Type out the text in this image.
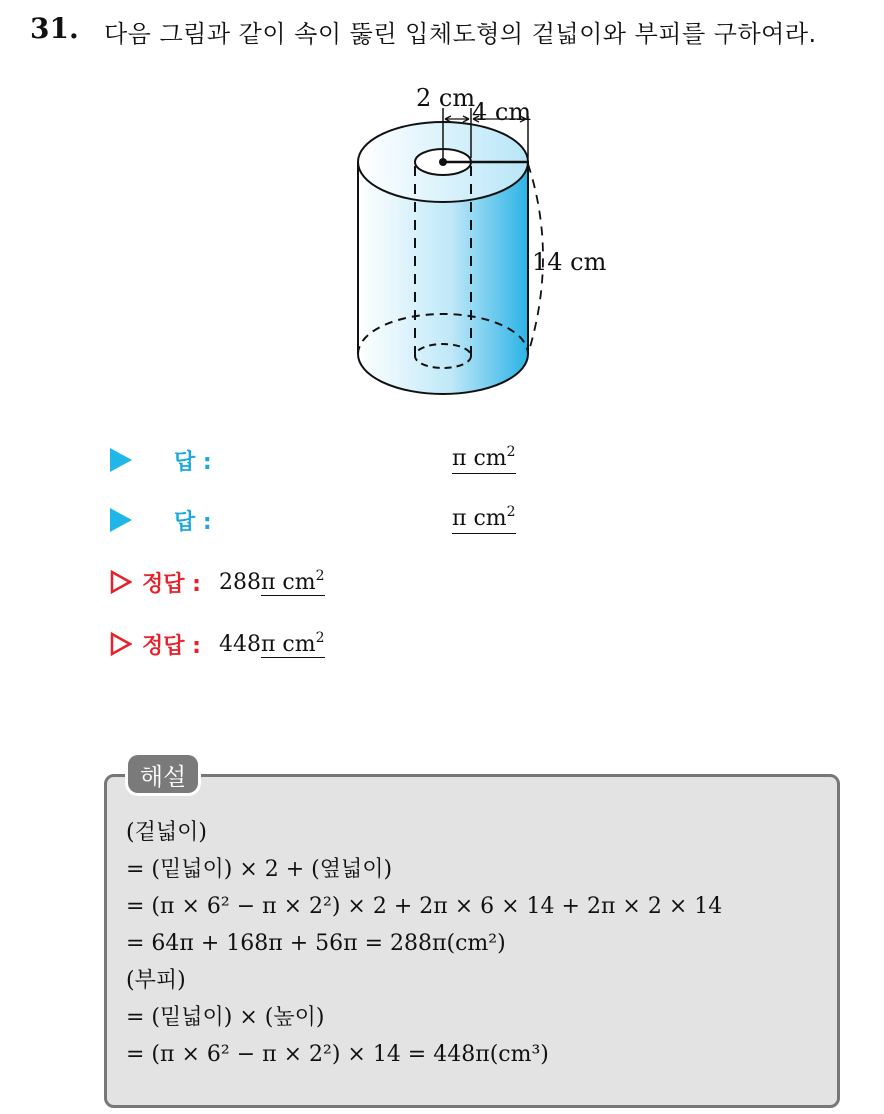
31. 다음 그림과 같이 속이 뚫린 입체도형의 겉넓이와 부피를 구하여라.
2 cm
4 cm
14 cm
답 :	π $cm^2$
답 :	π $cm^2$
정답 : 288π $cm^2$
정답 : 448π $cm^2$
해설
(겉넓이)
= (밑넓이) × 2 + (옆넓이)
= (π × 6² − π × 2²) × 2 + 2π × 6 × 14 + 2π × 2 × 14
= 64π + 168π + 56π = 288π(cm²)
(부피)
= (밑넓이) × (높이)
= (π × 6² − π × 2²) × 14 = 448π(cm³)
